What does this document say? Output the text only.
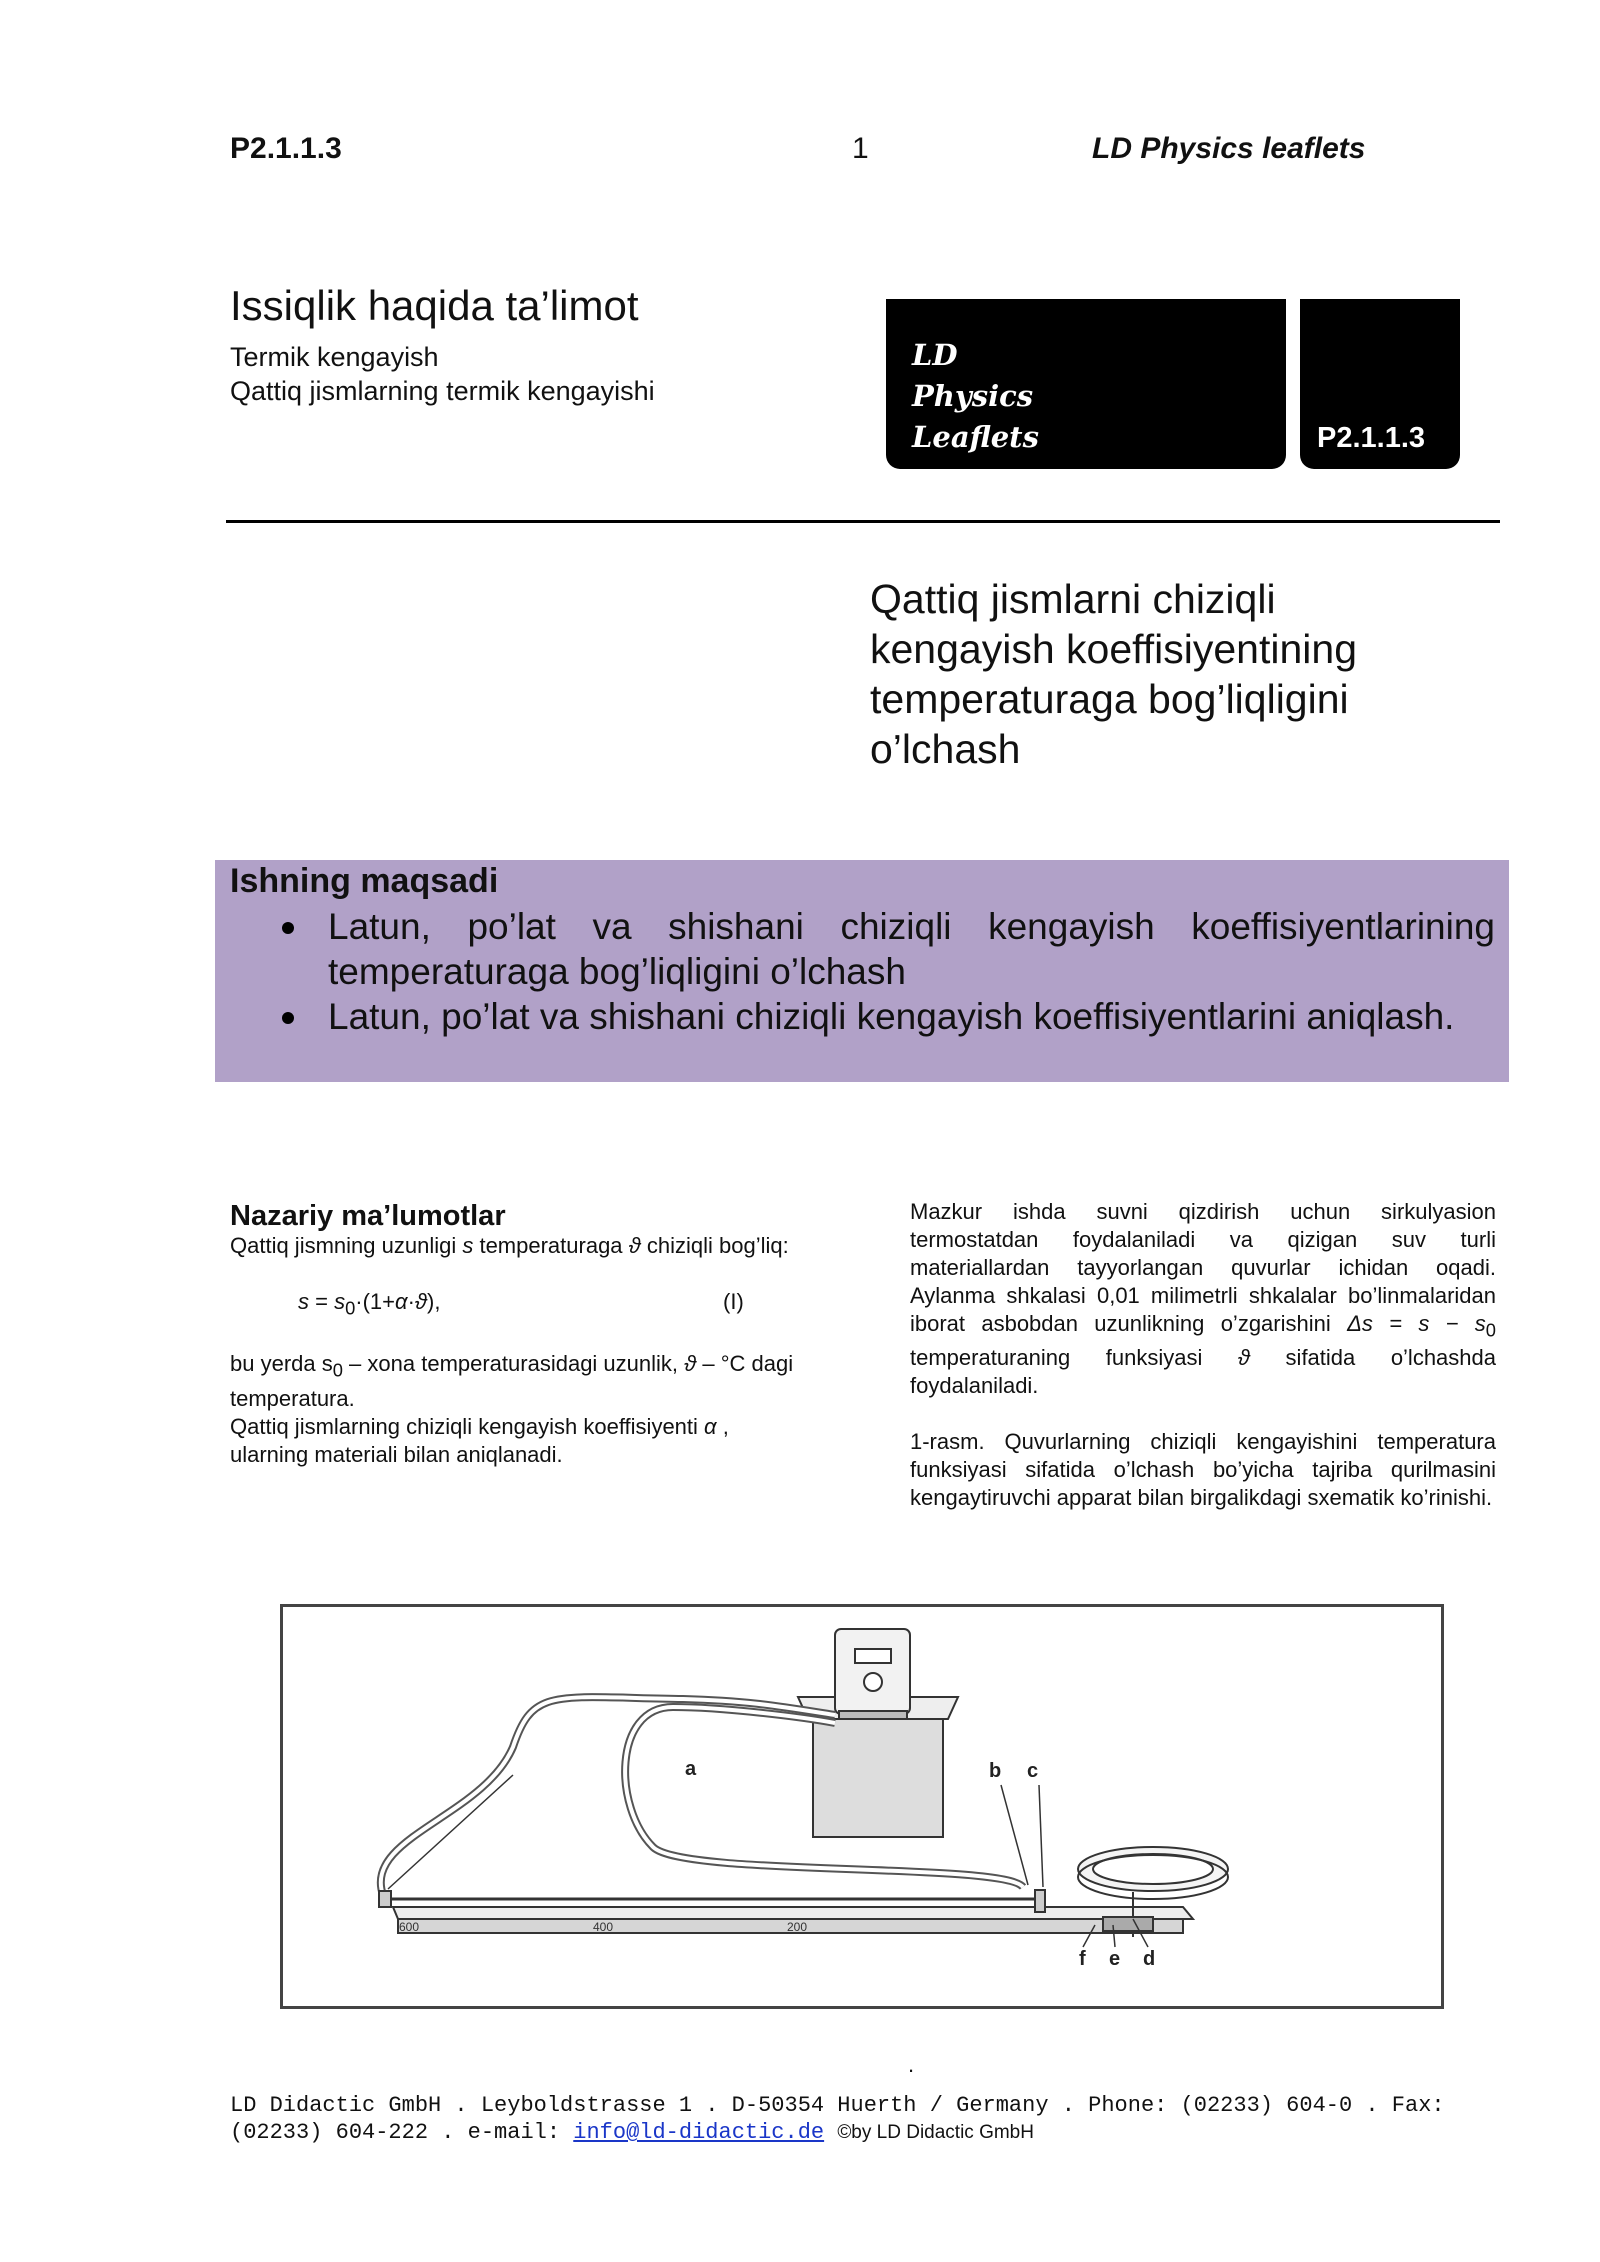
P2.1.1.3	1	LD Physics leaflets
Issiqlik haqida ta’limot
Termik kengayish
Qattiq jismlarning termik kengayishi
LD
Physics
Leaflets	P2.1.1.3
Qattiq jismlarni chiziqli kengayish koeffisiyentining temperaturaga bog’liqligini o’lchash
Ishning maqsadi
Latun, po’lat va shishani chiziqli kengayish koeffisiyentlarining temperaturaga bog’liqligini o’lchash
Latun, po’lat va shishani chiziqli kengayish koeffisiyentlarini aniqlash.
Nazariy ma’lumotlar

Qattiq jismning uzunligi s temperaturaga ϑ chiziqli bog’liq:

$s = s_0\cdot(1+\alpha\cdot ϑ)$,	(I)

bu yerda $s_0$ – xona temperaturasidagi uzunlik, ϑ – °C dagi temperatura.

Qattiq jismlarning chiziqli kengayish koeffisiyenti α , ularning materiali bilan aniqlanadi.

Mazkur ishda suvni qizdirish uchun sirkulyasion termostatdan foydalaniladi va qizigan suv turli materiallardan tayyorlangan quvurlar ichidan oqadi. Aylanma shkalasi 0,01 milimetrli shkalalar bo’linmalaridan iborat asbobdan uzunlikning o’zgarishini $\Delta s = s - s_0$ temperaturaning funksiyasi ϑ sifatida o’lchashda foydalaniladi.

1-rasm. Quvurlarning chiziqli kengayishini temperatura funksiyasi sifatida o’lchash bo’yicha tajriba qurilmasini kengaytiruvchi apparat bilan birgalikdagi sxematik ko’rinishi.

600	400	200
a	b c
d
e
f
.
LD Didactic GmbH . Leyboldstrasse 1 . D-50354 Huerth / Germany . Phone: (02233) 604-0 . Fax:
(02233) 604-222 . e-mail: info@ld-didactic.de ©by LD Didactic GmbH
